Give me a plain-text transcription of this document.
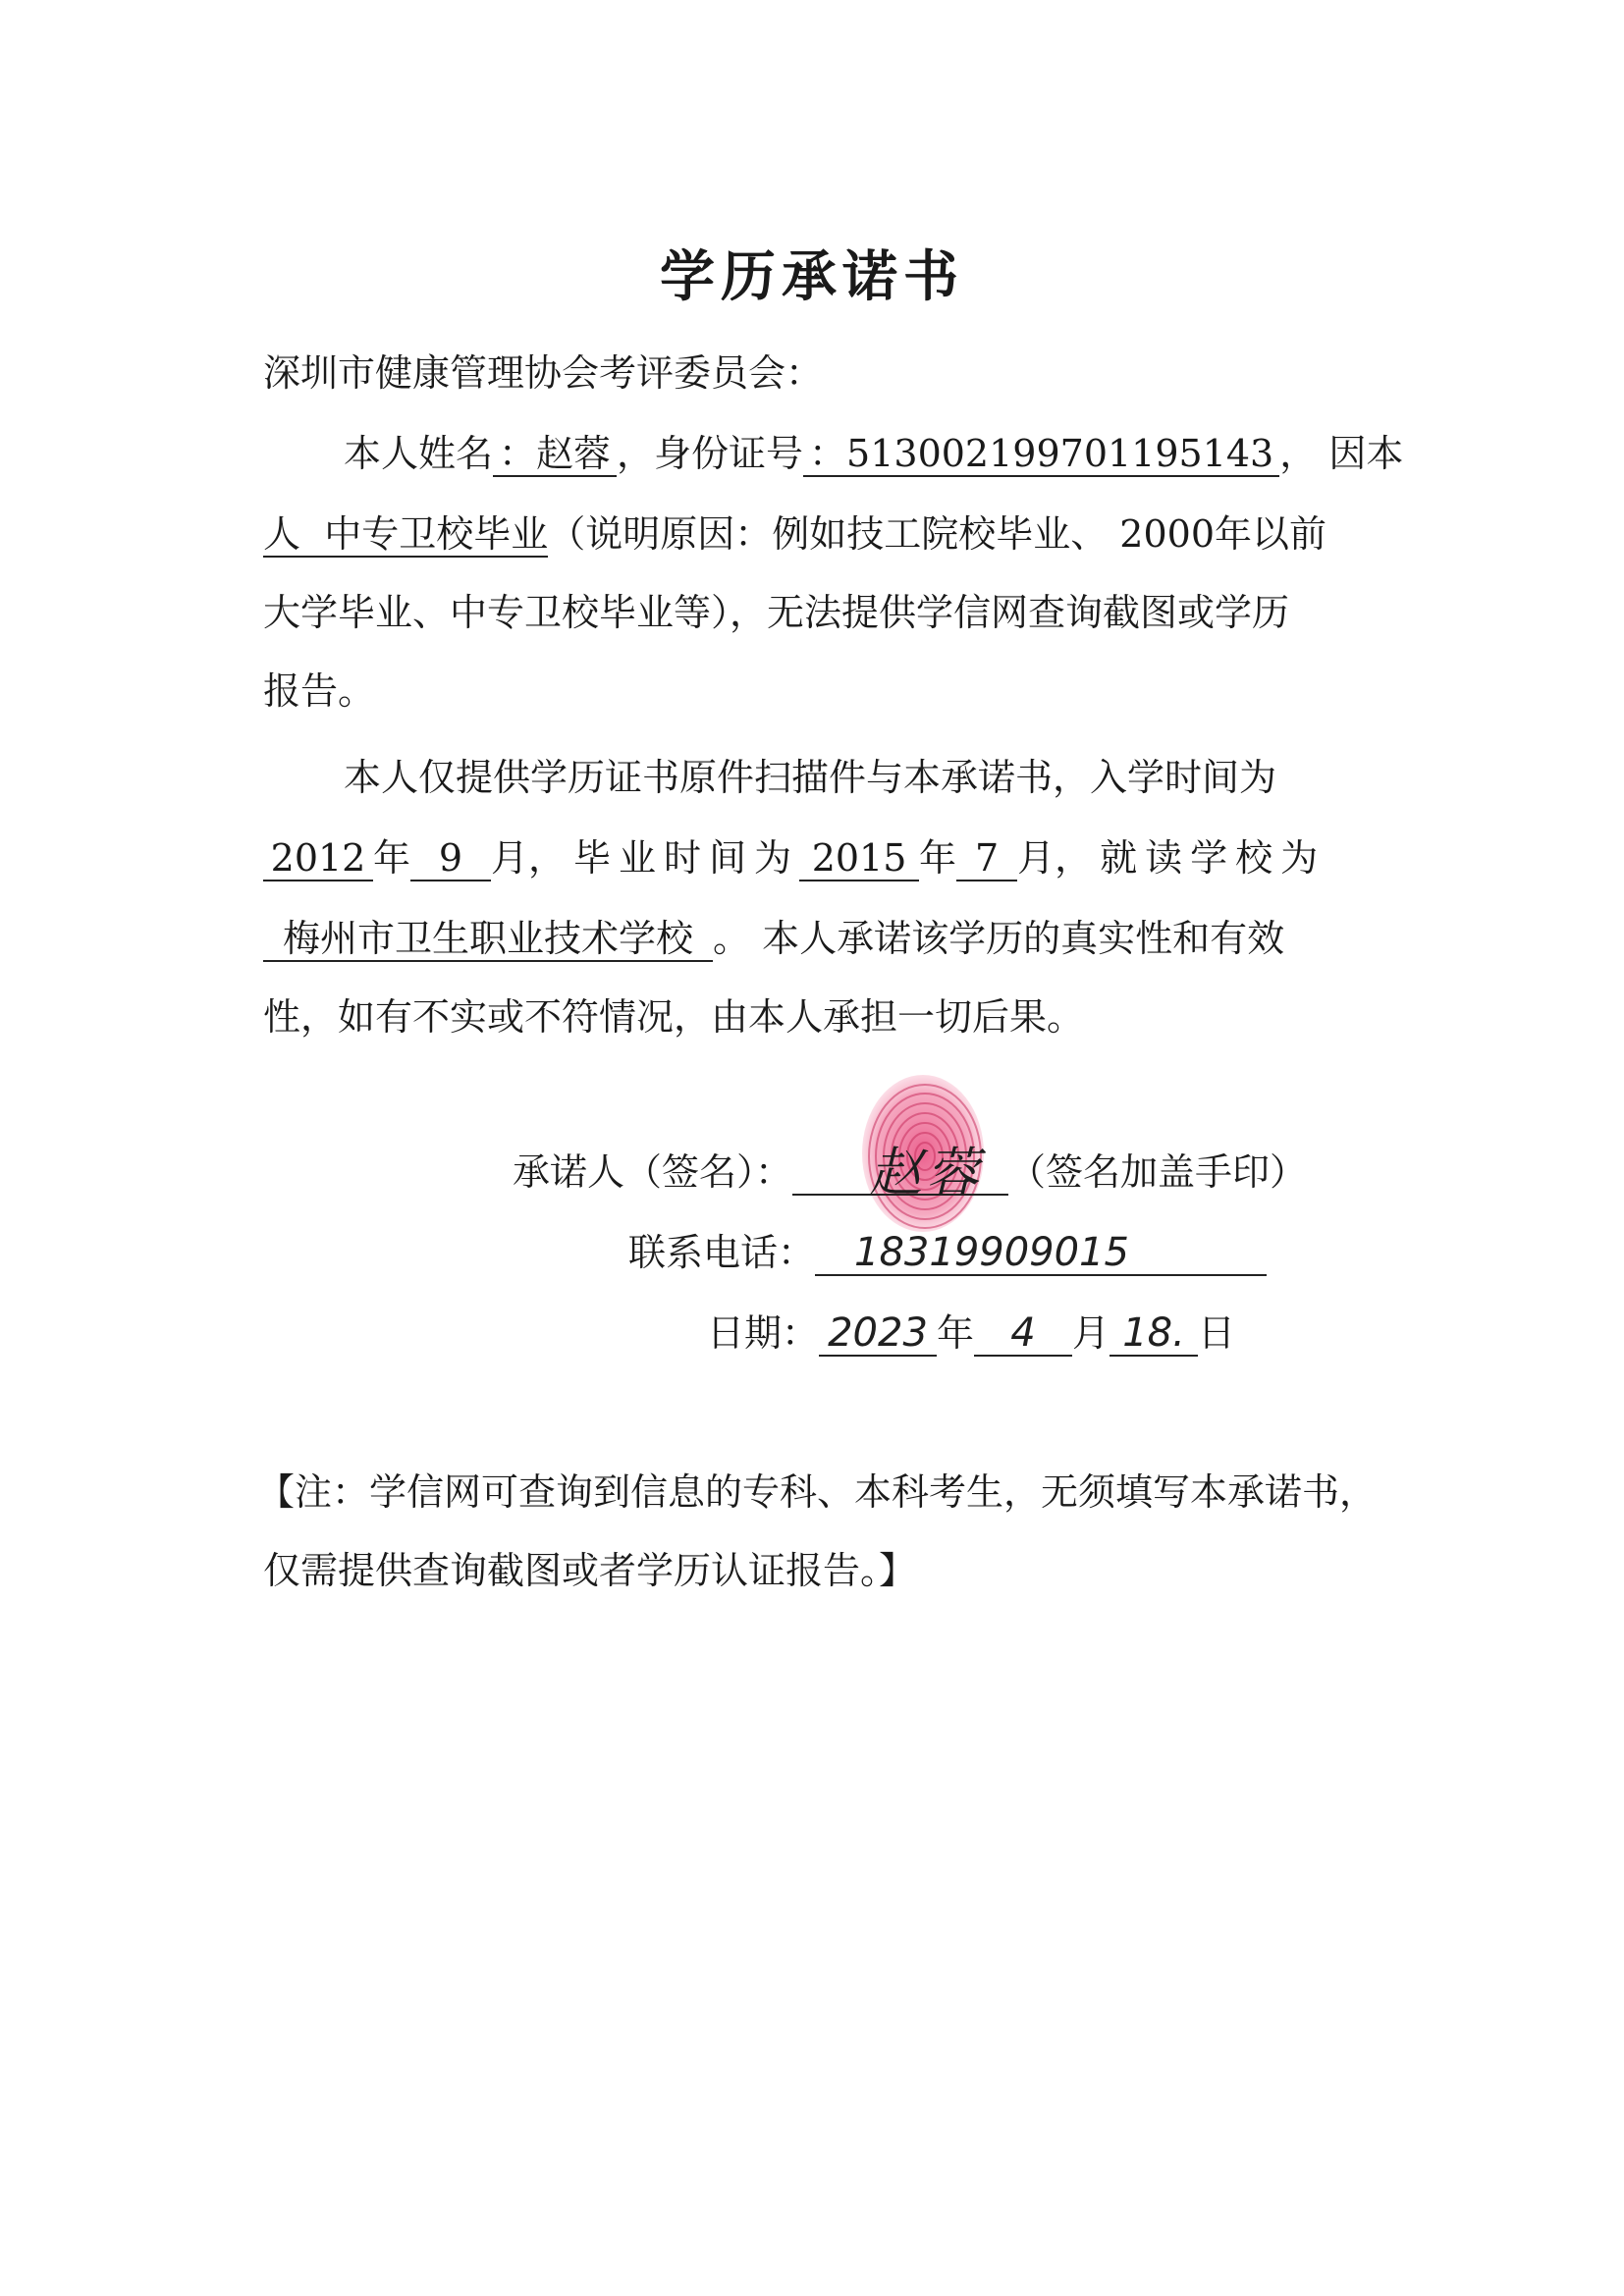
学历承诺书
深圳市健康管理协会考评委员会：
本人姓名 ：赵蓉 ，身份证号 ：513002199701195143 ， 因本
人 中专卫校毕业（说明原因：例如技工院校毕业、 2000年以前
大学毕业、中专卫校毕业等），无法提供学信网查询截图或学历
报告。
本人仅提供学历证书原件扫描件与本承诺书，入学时间为
2012 年 9 月，毕业时间为 2015 年 7 月，就读学校为
梅州市卫生职业技术学校 。 本人承诺该学历的真实性和有效
性，如有不实或不符情况，由本人承担一切后果。
承诺人（签名）：	（签名加盖手印）
赵蓉
联系电话： 18319909015
日期： 2023 年 4 月 18. 日
【注：学信网可查询到信息的专科、本科考生，无须填写本承诺书，
仅需提供查询截图或者学历认证报告。】
